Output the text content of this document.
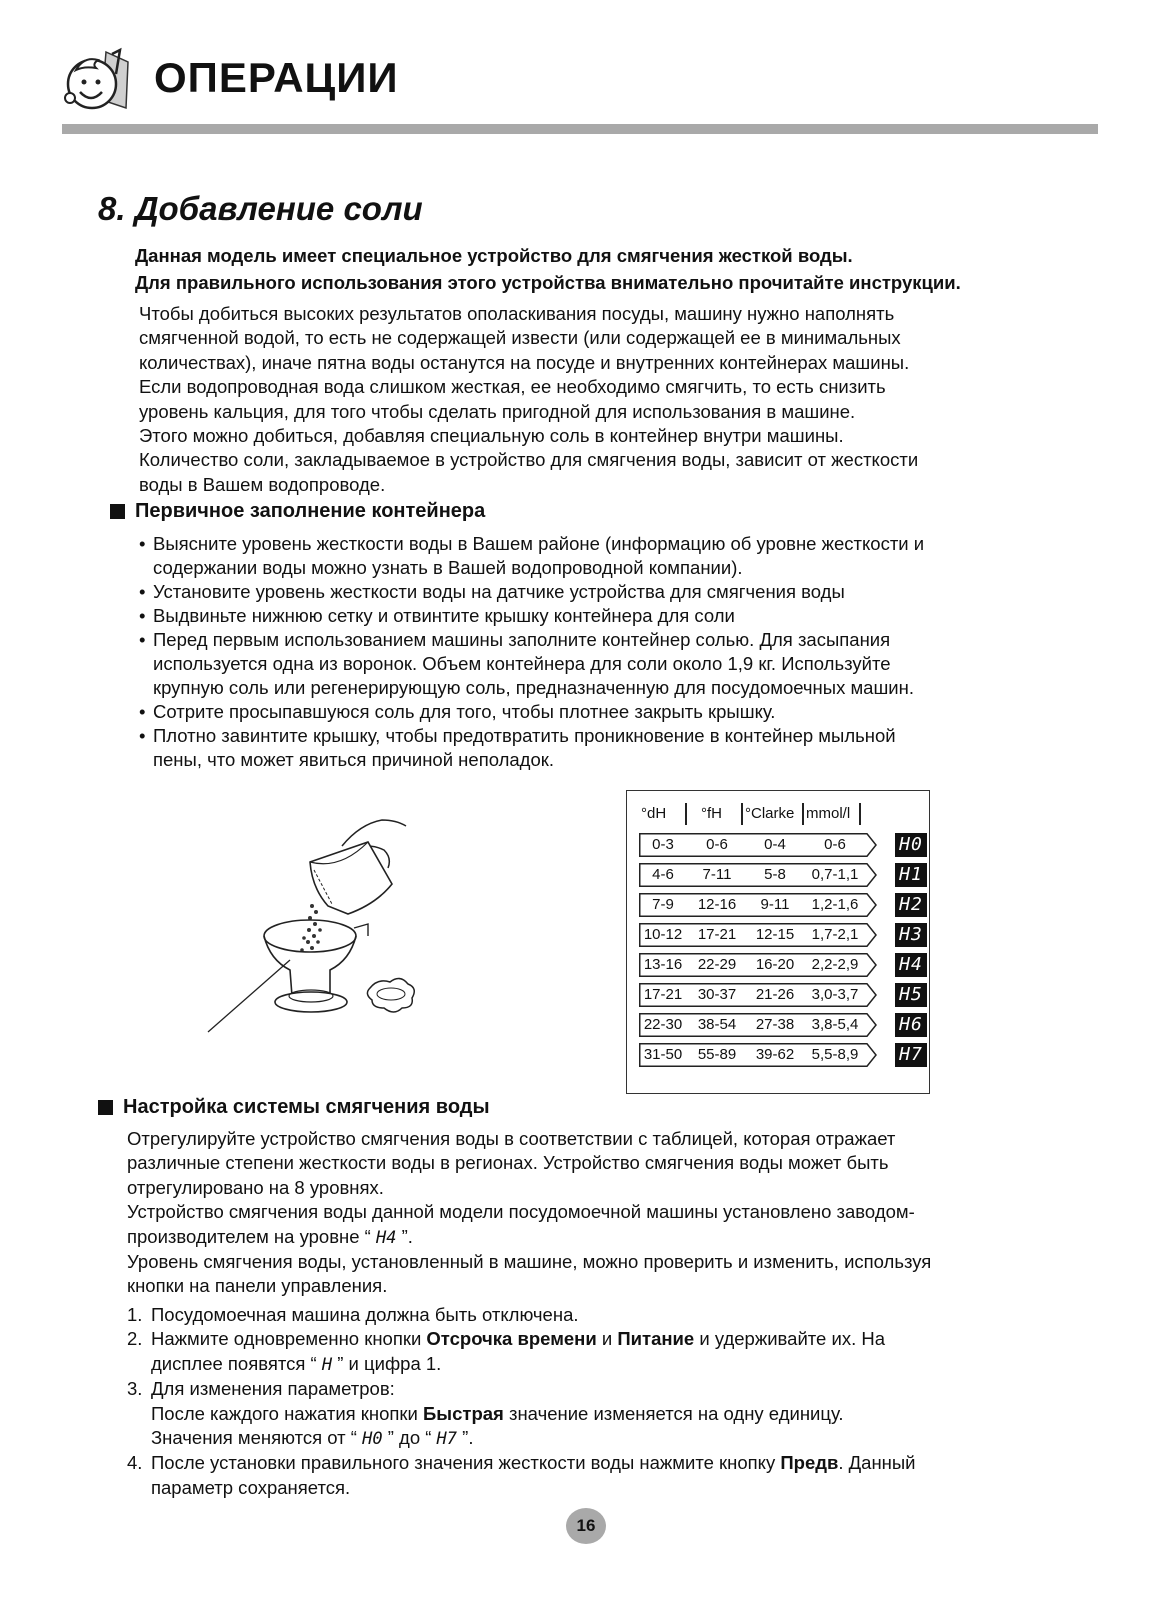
ОПЕРАЦИИ
8. Добавление соли
Данная модель имеет специальное устройство для смягчения жесткой воды.
Для правильного использования этого устройства внимательно прочитайте инструкции.
Чтобы добиться высоких результатов ополаскивания посуды, машину нужно наполнять
смягченной водой, то есть не содержащей извести (или содержащей ее в минимальных
количествах), иначе пятна воды останутся на посуде и внутренних контейнерах машины.
Если водопроводная вода слишком жесткая, ее необходимо смягчить, то есть снизить
уровень кальция, для того чтобы сделать пригодной для использования в машине.
Этого можно добиться, добавляя специальную соль в контейнер внутри машины.
Количество соли, закладываемое в устройство для смягчения воды, зависит от жесткости
воды в Вашем водопроводе.
Первичное заполнение контейнера
• Выясните уровень жесткости воды в Вашем районе (информацию об уровне жесткости и
содержании воды можно узнать в Вашей водопроводной компании).
• Установите уровень жесткости воды на датчике устройства для смягчения воды
• Выдвиньте нижнюю сетку и отвинтите крышку контейнера для соли
• Перед первым использованием машины заполните контейнер солью. Для засыпания
используется одна из воронок. Объем контейнера для соли около 1,9 кг. Используйте
крупную соль или регенерирующую соль, предназначенную для посудомоечных машин.
• Сотрите просыпавшуюся соль для того, чтобы плотнее закрыть крышку.
• Плотно завинтите крышку, чтобы предотвратить проникновение в контейнер мыльной
пены, что может явиться причиной неполадок.
°dH °fH °Clarke mmol/l
0-3	0-6	0-4	0-6	H0
4-6	7-11	5-8	0,7-1,1	H1
7-9	12-16	9-11	1,2-1,6	H2
10-12	17-21	12-15	1,7-2,1	H3
13-16	22-29	16-20	2,2-2,9	H4
17-21	30-37	21-26	3,0-3,7	H5
22-30	38-54	27-38	3,8-5,4	H6
31-50	55-89	39-62	5,5-8,9	H7
Настройка системы смягчения воды
Отрегулируйте устройство смягчения воды в соответствии с таблицей, которая отражает
различные степени жесткости воды в регионах. Устройство смягчения воды может быть
отрегулировано на 8 уровнях.
Устройство смягчения воды данной модели посудомоечной машины установлено заводом-
производителем на уровне “ H4 ”.
Уровень смягчения воды, установленный в машине, можно проверить и изменить, используя
кнопки на панели управления.
1. Посудомоечная машина должна быть отключена.
2. Нажмите одновременно кнопки Отсрочка времени и Питание и удерживайте их. На
дисплее появятся “ H ” и цифра 1.
3. Для изменения параметров:
После каждого нажатия кнопки Быстрая значение изменяется на одну единицу.
Значения меняются от “ H0 ” до “ H7 ”.
4. После установки правильного значения жесткости воды нажмите кнопку Предв. Данный
параметр сохраняется.
16
